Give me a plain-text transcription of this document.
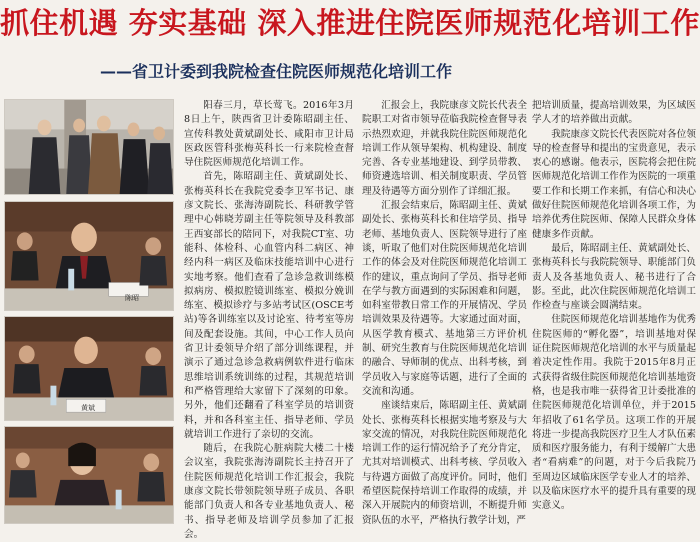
抓住机遇 夯实基础 深入推进住院医师规范化培训工作
——省卫计委到我院检查住院医师规范化培训工作
陈昭
黄斌

阳春三月，草长莺飞。2016年3月8日上午，陕西省卫计委陈昭副主任、宣传科教处黄斌副处长、咸阳市卫计局医政医管科张梅英科长一行来院检查督导住院医师规范化培训工作。

首先，陈昭副主任、黄斌副处长、张梅英科长在我院党委李卫军书记、康彦文院长、张海涛副院长、科研教学管理中心韩晓芳副主任等院领导及科教部王西宴部长的陪同下，对我院CT室、功能科、体检科、心血管内科二病区、神经内科一病区及临床技能培训中心进行实地考察。他们查看了急诊急救训练模拟病房、模拟腔镜训练室、模拟分娩训练室、模拟诊疗与多站考试区(OSCE考站)等各训练室以及讨论室、待考室等房间及配套设施。其间，中心工作人员向省卫计委领导介绍了部分训练课程，并演示了通过急诊急救病例软件进行临床思维培训系统训练的过程，其规范培训和严格管理给大家留下了深刻的印象。另外，他们还翻看了科室学员的培训资料，并和各科室主任、指导老师、学员就培训工作进行了亲切的交流。

随后，在我院心脏病院大楼二十楼会议室，我院张海涛副院长主持召开了住院医师规范化培训工作汇报会，我院康彦文院长带领院领导班子成员、各职能部门负责人和各专业基地负责人、秘书、指导老师及培训学员参加了汇报会。

汇报会上，我院康彦文院长代表全院职工对省市领导莅临我院检查督导表示热烈欢迎，并就我院住院医师规范化培训工作从领导架构、机构建设、制度完善、各专业基地建设、到学员带教、师资遴选培训、相关制度职责、学员管理及待遇等方面分别作了详细汇报。

汇报会结束后，陈昭副主任、黄斌副处长、张梅英科长和住培学员、指导老师、基地负责人、医院领导进行了座谈，听取了他们对住院医师规范化培训工作的体会及对住院医师规范化培训工作的建议，重点询问了学员、指导老师在学与教方面遇到的实际困难和问题，如科室带教日常工作的开展情况、学员培训效果及待遇等。大家通过面对面，从医学教育模式、基地第三方评价机制、研究生教育与住院医师规范化培训的融合、导师制的优点、出科考核，到学员收入与家庭等话题，进行了全面的交流和沟通。

座谈结束后，陈昭副主任、黄斌副处长、张梅英科长根据实地考察及与大家交流的情况，对我院住院医师规范化培训工作的运行情况给予了充分肯定，尤其对培训模式、出科考核、学员收入与待遇方面做了高度评价。同时，他们希望医院保持培训工作取得的成绩，并深入开展院内的师资培训，不断提升师资队伍的水平，严格执行教学计划，严

把培训质量，提高培训效果，为区域医学人才的培养做出贡献。

我院康彦文院长代表医院对各位领导的检查督导和提出的宝贵意见，表示衷心的感谢。他表示，医院将会把住院医师规范化培训工作作为医院的一项重要工作和长期工作来抓，有信心和决心做好住院医师规范化培训各项工作，为培养优秀住院医师、保障人民群众身体健康多作贡献。

最后，陈昭副主任、黄斌副处长、张梅英科长与我院院领导、职能部门负责人及各基地负责人、秘书进行了合影。至此，此次住院医师规范化培训工作检查与座谈会圆满结束。

住院医师规范化培训基地作为优秀住院医师的“孵化器”，培训基地对保证住院医师规范化培训的水平与质量起着决定性作用。我院于2015年8月正式获得省级住院医师规范化培训基地资格，也是我市唯一获得省卫计委批准的住院医师规范化培训单位，并于2015年招收了61名学员。这项工作的开展将进一步提高我院医疗卫生人才队伍素质和医疗服务能力，有利于缓解广大患者“看病难”的问题，对于今后我院乃至周边区域临床医学专业人才的培养、以及临床医疗水平的提升具有重要的现实意义。
